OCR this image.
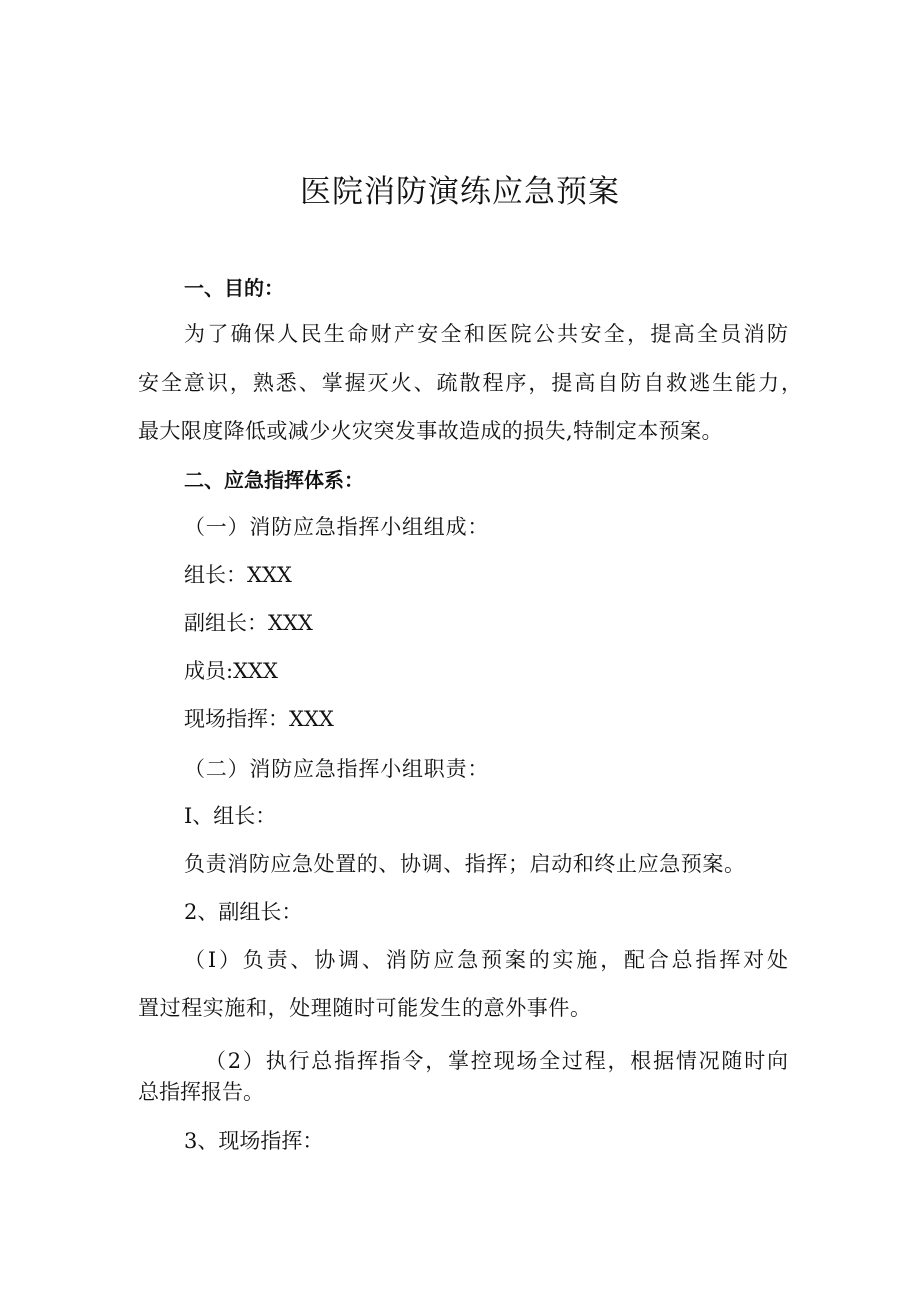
医院消防演练应急预案

一、目的：

为了确保人民生命财产安全和医院公共安全，提高全员消防

安全意识，熟悉、掌握灭火、疏散程序，提高自防自救逃生能力，

最大限度降低或减少火灾突发事故造成的损失,特制定本预案。

二、应急指挥体系：

（一）消防应急指挥小组组成：

组长：XXX

副组长：XXX

成员:XXX

现场指挥：XXX

（二）消防应急指挥小组职责：

I、组长：

负责消防应急处置的、协调、指挥；启动和终止应急预案。

2、副组长：

（I）负责、协调、消防应急预案的实施，配合总指挥对处

置过程实施和，处理随时可能发生的意外事件。

（2）执行总指挥指令，掌控现场全过程，根据情况随时向

总指挥报告。

3、现场指挥：
